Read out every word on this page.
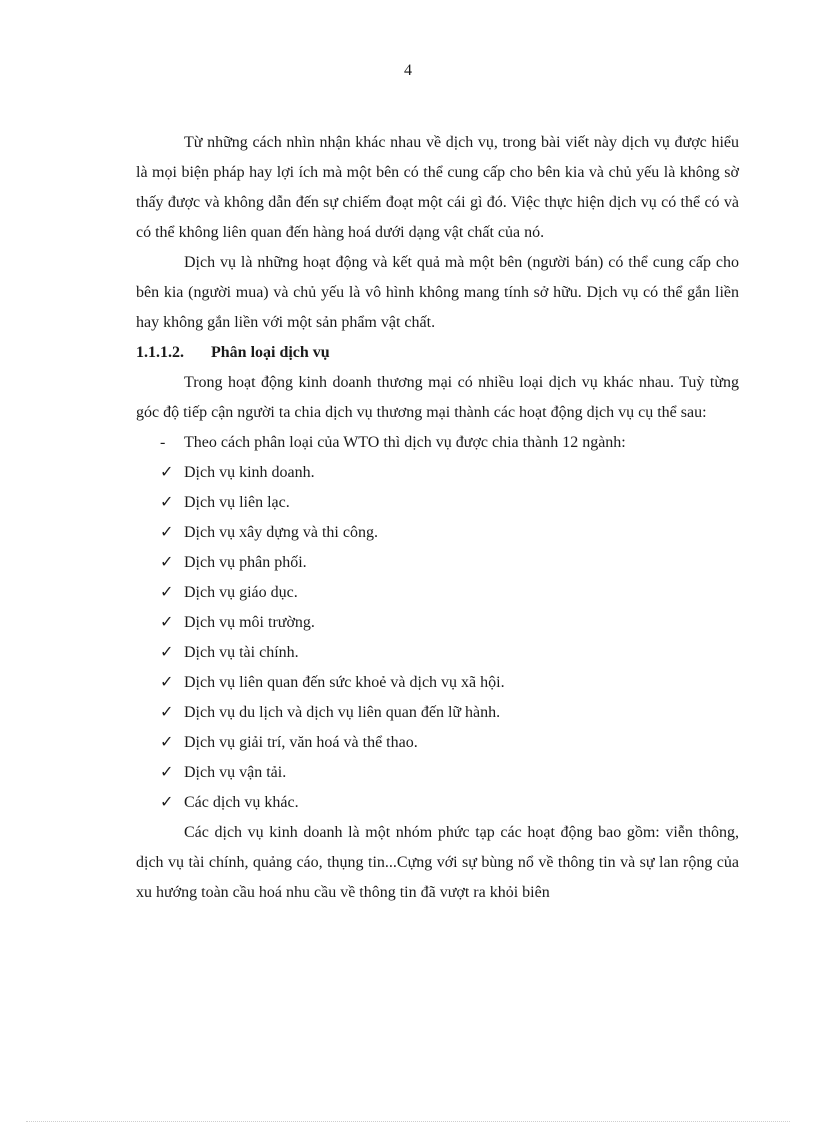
4

Từ những cách nhìn nhận khác nhau về dịch vụ, trong bài viết này dịch vụ được hiểu là mọi biện pháp hay lợi ích mà một bên có thể cung cấp cho bên kia và chủ yếu là không sờ thấy được và không dẫn đến sự chiếm đoạt một cái gì đó. Việc thực hiện dịch vụ có thể có và có thể không liên quan đến hàng hoá dưới dạng vật chất của nó.

Dịch vụ là những hoạt động và kết quả mà một bên (người bán) có thể cung cấp cho bên kia (người mua) và chủ yếu là vô hình không mang tính sở hữu. Dịch vụ có thể gắn liền hay không gắn liền với một sản phẩm vật chất.

1.1.1.2. Phân loại dịch vụ

Trong hoạt động kinh doanh thương mại có nhiều loại dịch vụ khác nhau. Tuỳ từng góc độ tiếp cận người ta chia dịch vụ thương mại thành các hoạt động dịch vụ cụ thể sau:

-	Theo cách phân loại của WTO thì dịch vụ được chia thành 12 ngành:
✓ Dịch vụ kinh doanh.
✓ Dịch vụ liên lạc.
✓ Dịch vụ xây dựng và thi công.
✓ Dịch vụ phân phối.
✓ Dịch vụ giáo dục.
✓ Dịch vụ môi trường.
✓ Dịch vụ tài chính.
✓ Dịch vụ liên quan đến sức khoẻ và dịch vụ xã hội.
✓ Dịch vụ du lịch và dịch vụ liên quan đến lữ hành.
✓ Dịch vụ giải trí, văn hoá và thể thao.
✓ Dịch vụ vận tải.
✓ Các dịch vụ khác.

Các dịch vụ kinh doanh là một nhóm phức tạp các hoạt động bao gồm: viễn thông, dịch vụ tài chính, quảng cáo, thụng tin...Cựng với sự bùng nổ về thông tin và sự lan rộng của xu hướng toàn cầu hoá nhu cầu về thông tin đã vượt ra khỏi biên
